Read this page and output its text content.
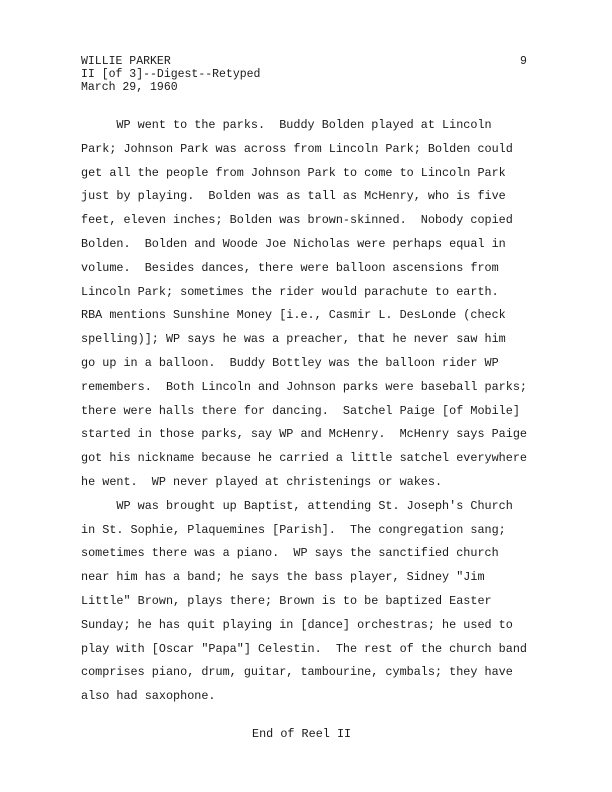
WILLIE PARKER
II [of 3]--Digest--Retyped
March 29, 1960
9
WP went to the parks.  Buddy Bolden played at Lincoln
Park; Johnson Park was across from Lincoln Park; Bolden could
get all the people from Johnson Park to come to Lincoln Park
just by playing.  Bolden was as tall as McHenry, who is five
feet, eleven inches; Bolden was brown-skinned.  Nobody copied
Bolden.  Bolden and Woode Joe Nicholas were perhaps equal in
volume.  Besides dances, there were balloon ascensions from
Lincoln Park; sometimes the rider would parachute to earth.
RBA mentions Sunshine Money [i.e., Casmir L. DesLonde (check
spelling)]; WP says he was a preacher, that he never saw him
go up in a balloon.  Buddy Bottley was the balloon rider WP
remembers.  Both Lincoln and Johnson parks were baseball parks;
there were halls there for dancing.  Satchel Paige [of Mobile]
started in those parks, say WP and McHenry.  McHenry says Paige
got his nickname because he carried a little satchel everywhere
he went.  WP never played at christenings or wakes.
WP was brought up Baptist, attending St. Joseph's Church
in St. Sophie, Plaquemines [Parish].  The congregation sang;
sometimes there was a piano.  WP says the sanctified church
near him has a band; he says the bass player, Sidney "Jim
Little" Brown, plays there; Brown is to be baptized Easter
Sunday; he has quit playing in [dance] orchestras; he used to
play with [Oscar "Papa"] Celestin.  The rest of the church band
comprises piano, drum, guitar, tambourine, cymbals; they have
also had saxophone.
End of Reel II
